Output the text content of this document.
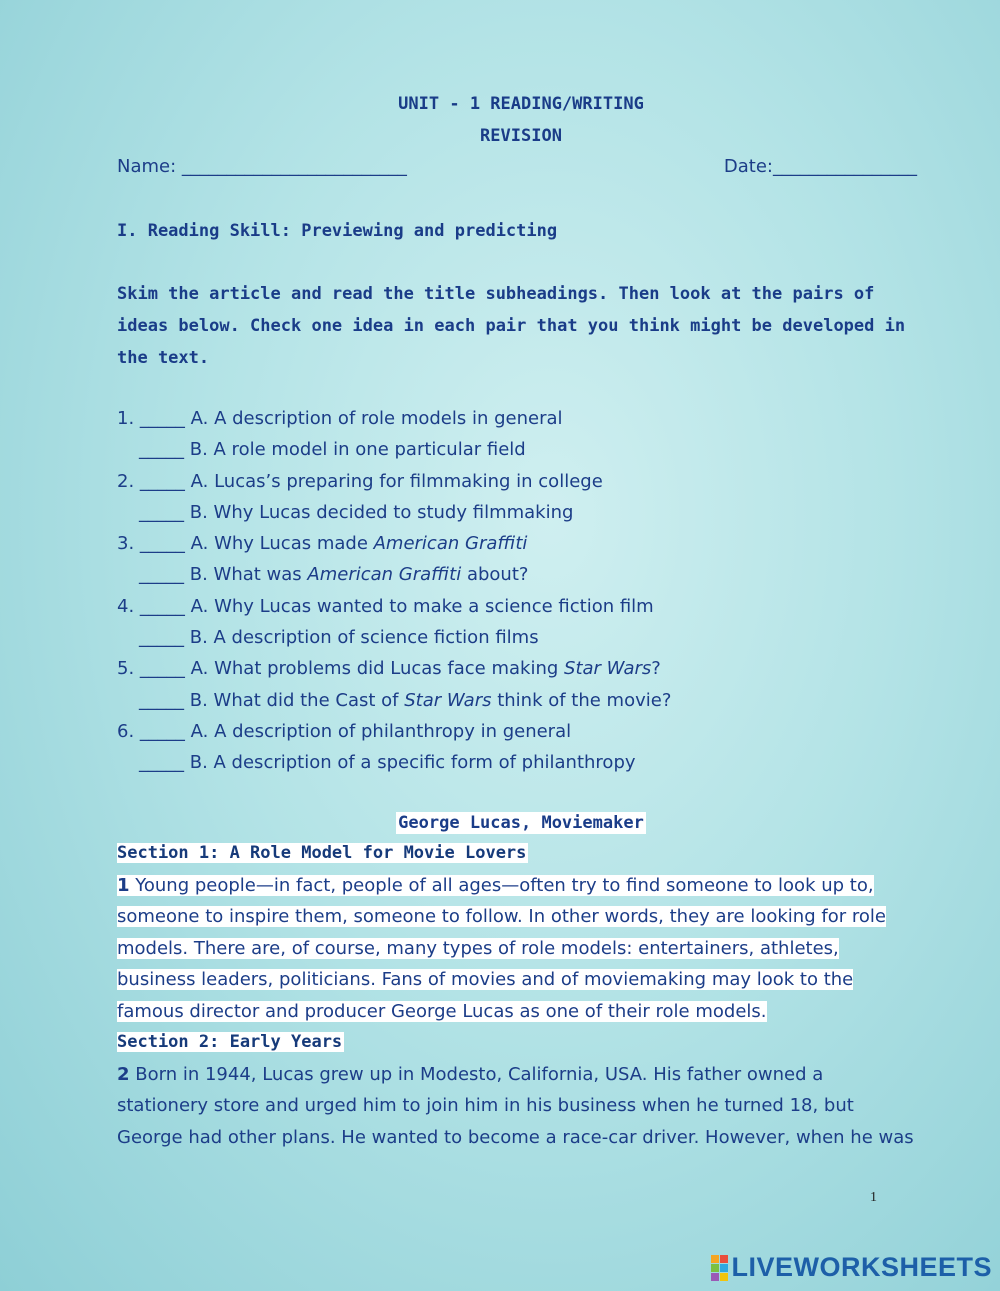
UNIT - 1 READING/WRITING
REVISION
Name: _________________________	Date:________________
I. Reading Skill: Previewing and predicting
Skim the article and read the title subheadings. Then look at the pairs of ideas below. Check one idea in each pair that you think might be developed in the text.
1. _____ A. A description of role models in general
_____ B. A role model in one particular field
2. _____ A. Lucas’s preparing for filmmaking in college
_____ B. Why Lucas decided to study filmmaking
3. _____ A. Why Lucas made American Graffiti
_____ B. What was American Graffiti about?
4. _____ A. Why Lucas wanted to make a science fiction film
_____ B. A description of science fiction films
5. _____ A. What problems did Lucas face making Star Wars?
_____ B. What did the Cast of Star Wars think of the movie?
6. _____ A. A description of philanthropy in general
_____ B. A description of a specific form of philanthropy
George Lucas, Moviemaker
Section 1: A Role Model for Movie Lovers
1 Young people—in fact, people of all ages—often try to find someone to look up to, someone to inspire them, someone to follow. In other words, they are looking for role models. There are, of course, many types of role models: entertainers, athletes, business leaders, politicians. Fans of movies and of moviemaking may look to the famous director and producer George Lucas as one of their role models.
Section 2: Early Years
2 Born in 1944, Lucas grew up in Modesto, California, USA. His father owned a stationery store and urged him to join him in his business when he turned 18, but George had other plans. He wanted to become a race-car driver. However, when he was
1
LIVEWORKSHEETS
